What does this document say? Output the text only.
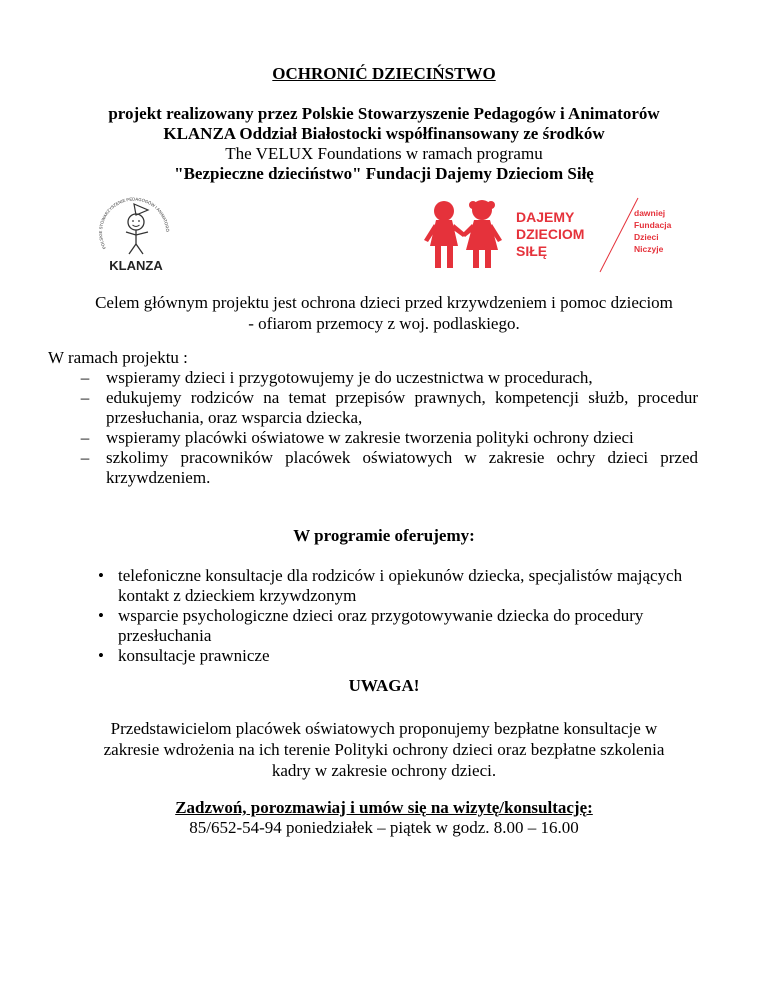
OCHRONIĆ DZIECIŃSTWO
projekt realizowany przez Polskie Stowarzyszenie Pedagogów i Animatorów
KLANZA Oddział Białostocki współfinansowany ze środków
The VELUX Foundations w ramach programu
"Bezpieczne dzieciństwo" Fundacji Dajemy Dzieciom Siłę
POLSKIE STOWARZYSZENIE PEDAGOGÓW I ANIMATORÓ
KLANZA
DAJEMY
DZIECIOM
SIŁĘ
dawniej
Fundacja
Dzieci
Niczyje
Celem głównym projektu jest ochrona dzieci przed krzywdzeniem i pomoc dzieciom
- ofiarom przemocy z woj. podlaskiego.
W ramach projektu :
– wspieramy dzieci i przygotowujemy je do uczestnictwa w procedurach,
– edukujemy rodziców na temat przepisów prawnych, kompetencji służb, procedur przesłuchania, oraz wsparcia dziecka,
– wspieramy placówki oświatowe w zakresie tworzenia polityki ochrony dzieci
– szkolimy pracowników placówek oświatowych w zakresie ochry dzieci przed krzywdzeniem.
W programie oferujemy:
• telefoniczne konsultacje dla rodziców i opiekunów dziecka, specjalistów mających kontakt z dzieckiem krzywdzonym
• wsparcie psychologiczne dzieci oraz przygotowywanie dziecka do procedury przesłuchania
• konsultacje prawnicze
UWAGA!
Przedstawicielom placówek oświatowych proponujemy bezpłatne konsultacje w
zakresie wdrożenia na ich terenie Polityki ochrony dzieci oraz bezpłatne szkolenia
kadry w zakresie ochrony dzieci.
Zadzwoń, porozmawiaj i umów się na wizytę/konsultację:
85/652-54-94 poniedziałek – piątek w godz. 8.00 – 16.00
